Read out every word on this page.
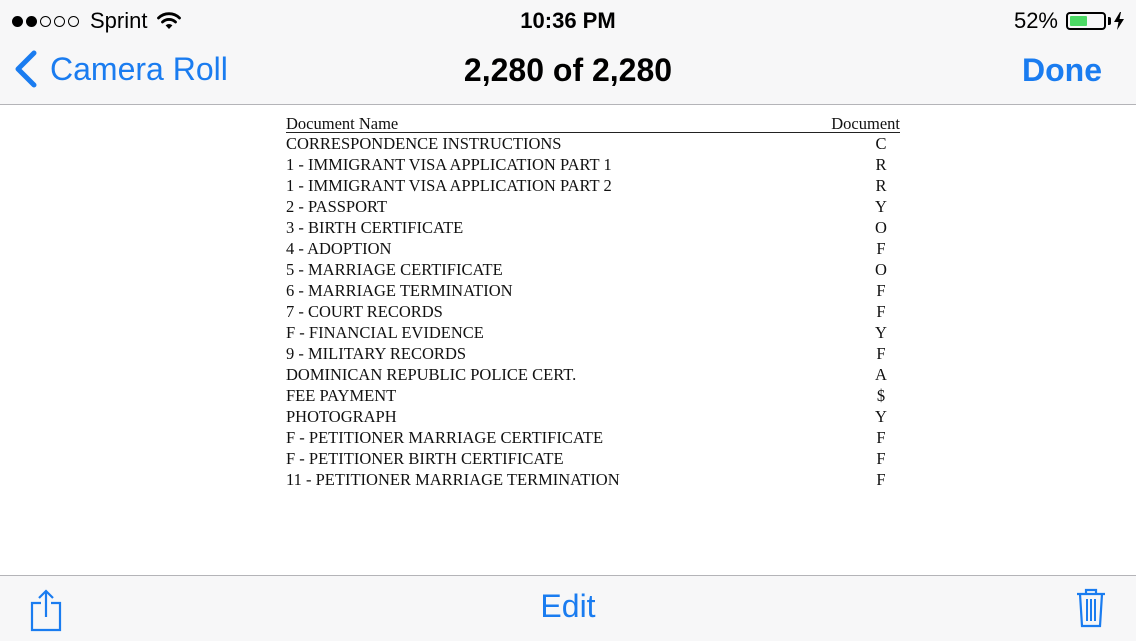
Sprint	10:36 PM	52%
Camera Roll	2,280 of 2,280	Done
Document Name	Document
CORRESPONDENCE INSTRUCTIONS	C
1 - IMMIGRANT VISA APPLICATION PART 1	R
1 - IMMIGRANT VISA APPLICATION PART 2	R
2 - PASSPORT	Y
3 - BIRTH CERTIFICATE	O
4 - ADOPTION	F
5 - MARRIAGE CERTIFICATE	O
6 - MARRIAGE TERMINATION	F
7 - COURT RECORDS	F
F - FINANCIAL EVIDENCE	Y
9 - MILITARY RECORDS	F
DOMINICAN REPUBLIC POLICE CERT.	A
FEE PAYMENT	$
PHOTOGRAPH	Y
F - PETITIONER MARRIAGE CERTIFICATE	F
F - PETITIONER BIRTH CERTIFICATE	F
11 - PETITIONER MARRIAGE TERMINATION	F
Edit
